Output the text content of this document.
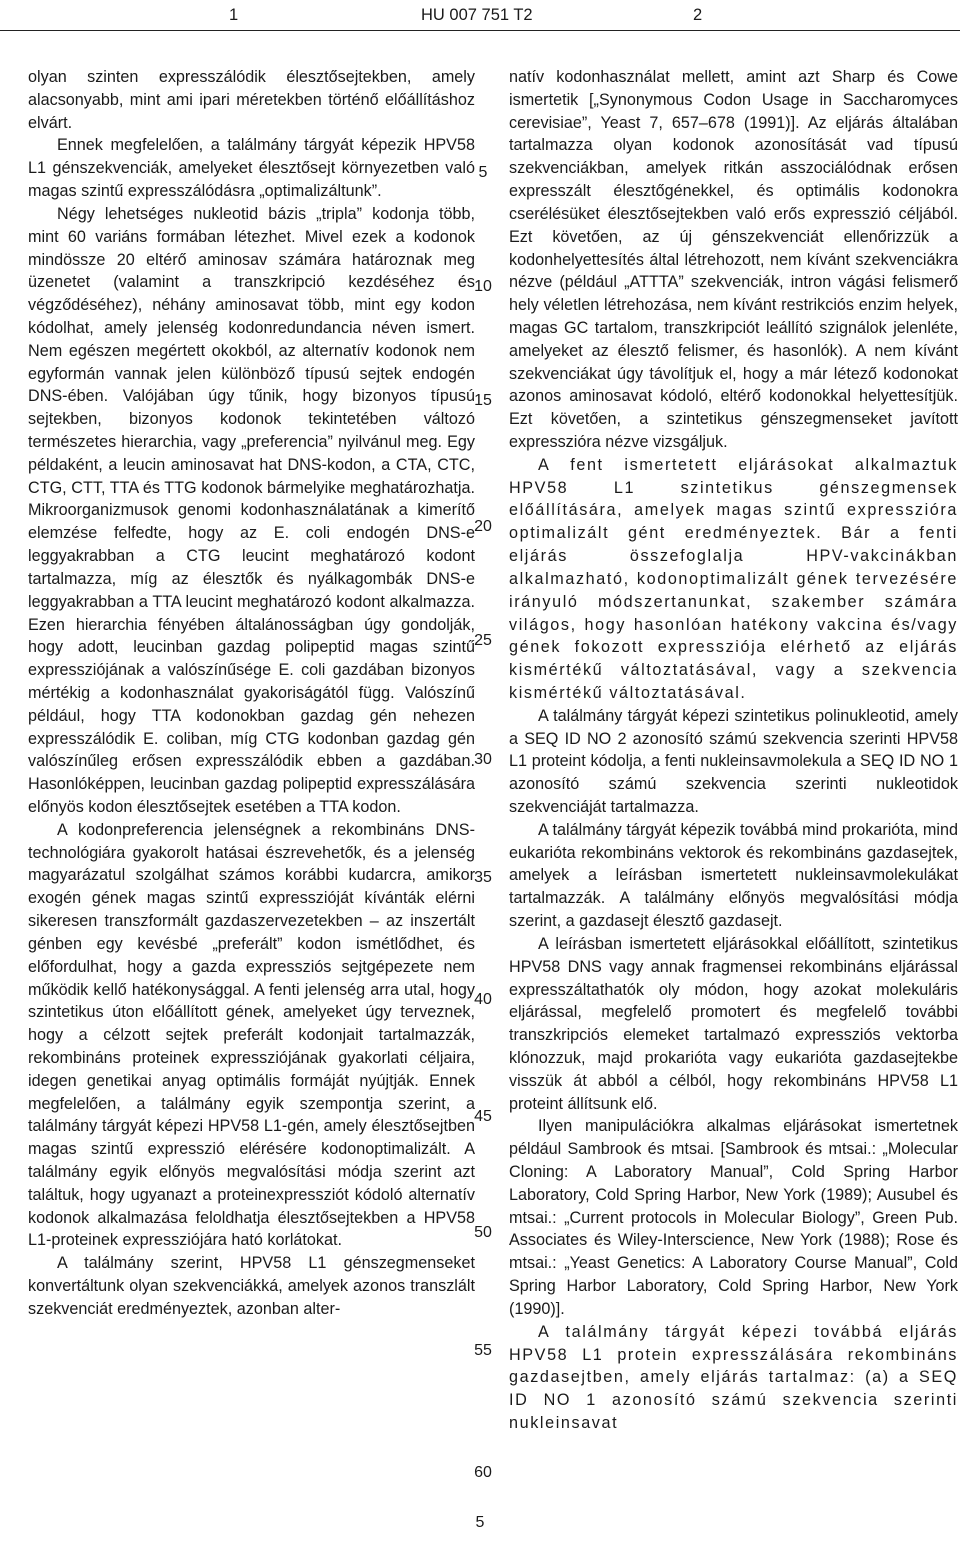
1	HU 007 751 T2	2

olyan szinten expresszálódik élesztősejtekben, amely alacsonyabb, mint ami ipari méretekben történő előállításhoz elvárt.

Ennek megfelelően, a találmány tárgyát képezik HPV58 L1 génszekvenciák, amelyeket élesztősejt környezetben való magas szintű expresszálódásra „optimalizáltunk”.

Négy lehetséges nukleotid bázis „tripla” kodonja több, mint 60 variáns formában létezhet. Mivel ezek a kodonok mindössze 20 eltérő aminosav számára határoznak meg üzenetet (valamint a transzkripció kezdéséhez és végződéséhez), néhány aminosavat több, mint egy kodon kódolhat, amely jelenség kodonredundancia néven ismert. Nem egészen megértett okokból, az alternatív kodonok nem egyformán vannak jelen különböző típusú sejtek endogén DNS-ében. Valójában úgy tűnik, hogy bizonyos típusú sejtekben, bizonyos kodonok tekintetében változó természetes hierarchia, vagy „preferencia” nyilvánul meg. Egy példaként, a leucin aminosavat hat DNS-kodon, a CTA, CTC, CTG, CTT, TTA és TTG kodonok bármelyike meghatározhatja. Mikroorganizmusok genomi kodonhasználatának a kimerítő elemzése felfedte, hogy az E. coli endogén DNS-e leggyakrabban a CTG leucint meghatározó kodont tartalmazza, míg az élesztők és nyálkagombák DNS-e leggyakrabban a TTA leucint meghatározó kodont alkalmazza. Ezen hierarchia fényében általánosságban úgy gondolják, hogy adott, leucinban gazdag polipeptid magas szintű expressziójának a valószínűsége E. coli gazdában bizonyos mértékig a kodonhasználat gyakoriságától függ. Valószínű például, hogy TTA kodonokban gazdag gén nehezen expresszálódik E. coliban, míg CTG kodonban gazdag gén valószínűleg erősen expresszálódik ebben a gazdában. Hasonlóképpen, leucinban gazdag polipeptid expresszálására előnyös kodon élesztősejtek esetében a TTA kodon.

A kodonpreferencia jelenségnek a rekombináns DNS-technológiára gyakorolt hatásai észrevehetők, és a jelenség magyarázatul szolgálhat számos korábbi kudarcra, amikor exogén gének magas szintű expresszióját kívánták elérni sikeresen transzformált gazdaszervezetekben – az inszertált génben egy kevésbé „preferált” kodon ismétlődhet, és előfordulhat, hogy a gazda expressziós sejtgépezete nem működik kellő hatékonysággal. A fenti jelenség arra utal, hogy szintetikus úton előállított gének, amelyeket úgy terveznek, hogy a célzott sejtek preferált kodonjait tartalmazzák, rekombináns proteinek expressziójának gyakorlati céljaira, idegen genetikai anyag optimális formáját nyújtják. Ennek megfelelően, a találmány egyik szempontja szerint, a találmány tárgyát képezi HPV58 L1-gén, amely élesztősejtben magas szintű expresszió elérésére kodonoptimalizált. A találmány egyik előnyös megvalósítási módja szerint azt találtuk, hogy ugyanazt a proteinexpressziót kódoló alternatív kodonok alkalmazása feloldhatja élesztősejtekben a HPV58 L1-proteinek expressziójára ható korlátokat.

A találmány szerint, HPV58 L1 génszegmenseket konvertáltunk olyan szekvenciákká, amelyek azonos transzlált szekvenciát eredményeztek, azonban alter-

natív kodonhasználat mellett, amint azt Sharp és Cowe ismertetik [„Synonymous Codon Usage in Saccharomyces cerevisiae”, Yeast 7, 657–678 (1991)]. Az eljárás általában tartalmazza olyan kodonok azonosítását vad típusú szekvenciákban, amelyek ritkán asszociálódnak erősen expresszált élesztőgénekkel, és optimális kodonokra cserélésüket élesztősejtekben való erős expresszió céljából. Ezt követően, az új génszekvenciát ellenőrizzük a kodonhelyettesítés által létrehozott, nem kívánt szekvenciákra nézve (például „ATTTA” szekvenciák, intron vágási felismerő hely véletlen létrehozása, nem kívánt restrikciós enzim helyek, magas GC tartalom, transzkripciót leállító szignálok jelenléte, amelyeket az élesztő felismer, és hasonlók). A nem kívánt szekvenciákat úgy távolítjuk el, hogy a már létező kodonokat azonos aminosavat kódoló, eltérő kodonokkal helyettesítjük. Ezt követően, a szintetikus génszegmenseket javított expresszióra nézve vizsgáljuk.

A fent ismertetett eljárásokat alkalmaztuk HPV58 L1 szintetikus génszegmensek előállítására, amelyek magas szintű expresszióra optimalizált gént eredményeztek. Bár a fenti eljárás összefoglalja HPV-vakcinákban alkalmazható, kodonoptimalizált gének tervezésére irányuló módszertanunkat, szakember számára világos, hogy hasonlóan hatékony vakcina és/vagy gének fokozott expressziója elérhető az eljárás kismértékű változtatásával, vagy a szekvencia kismértékű változtatásával.

A találmány tárgyát képezi szintetikus polinukleotid, amely a SEQ ID NO 2 azonosító számú szekvencia szerinti HPV58 L1 proteint kódolja, a fenti nukleinsavmolekula a SEQ ID NO 1 azonosító számú szekvencia szerinti nukleotidok szekvenciáját tartalmazza.

A találmány tárgyát képezik továbbá mind prokarióta, mind eukarióta rekombináns vektorok és rekombináns gazdasejtek, amelyek a leírásban ismertetett nukleinsavmolekulákat tartalmazzák. A találmány előnyös megvalósítási módja szerint, a gazdasejt élesztő gazdasejt.

A leírásban ismertetett eljárásokkal előállított, szintetikus HPV58 DNS vagy annak fragmensei rekombináns eljárással expresszáltathatók oly módon, hogy azokat molekuláris eljárással, megfelelő promotert és megfelelő további transzkripciós elemeket tartalmazó expressziós vektorba klónozzuk, majd prokarióta vagy eukarióta gazdasejtekbe visszük át abból a célból, hogy rekombináns HPV58 L1 proteint állítsunk elő.

Ilyen manipulációkra alkalmas eljárásokat ismertetnek például Sambrook és mtsai. [Sambrook és mtsai.: „Molecular Cloning: A Laboratory Manual”, Cold Spring Harbor Laboratory, Cold Spring Harbor, New York (1989); Ausubel és mtsai.: „Current protocols in Molecular Biology”, Green Pub. Associates és Wiley-Interscience, New York (1988); Rose és mtsai.: „Yeast Genetics: A Laboratory Course Manual”, Cold Spring Harbor Laboratory, Cold Spring Harbor, New York (1990)].

A találmány tárgyát képezi továbbá eljárás HPV58 L1 protein expresszálására rekombináns gazdasejtben, amely eljárás tartalmaz: (a) a SEQ ID NO 1 azonosító számú szekvencia szerinti nukleinsavat

5
10
15
20
25
30
35
40
45
50
55
60
5
